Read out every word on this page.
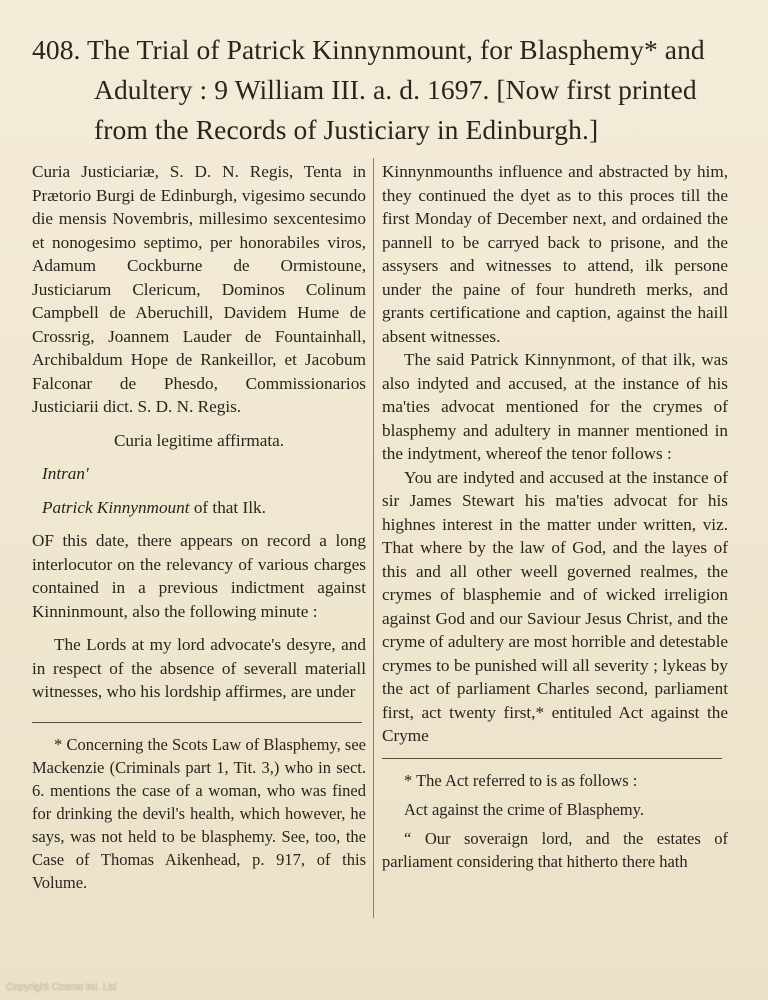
408. The Trial of Patrick Kinnynmount, for Blasphemy* and
Adultery : 9 William III. a. d. 1697. [Now first printed
from the Records of Justiciary in Edinburgh.]

Curia Justiciariæ, S. D. N. Regis, Tenta in Prætorio Burgi de Edinburgh, vigesimo secundo die mensis Novembris, millesimo sexcentesimo et nonogesimo septimo, per honorabiles viros, Adamum Cockburne de Ormistoune, Justiciarum Clericum, Dominos Colinum Campbell de Aberuchill, Davidem Hume de Crossrig, Joannem Lauder de Fountainhall, Archibaldum Hope de Rankeillor, et Jacobum Falconar de Phesdo, Commissionarios Justiciarii dict. S. D. N. Regis.

Curia legitime affirmata.

Intran'

Patrick Kinnynmount of that Ilk.

OF this date, there appears on record a long interlocutor on the relevancy of various charges contained in a previous indictment against Kinninmount, also the following minute :

The Lords at my lord advocate's desyre, and in respect of the absence of severall materiall witnesses, who his lordship affirmes, are under

* Concerning the Scots Law of Blasphemy, see Mackenzie (Criminals part 1, Tit. 3,) who in sect. 6. mentions the case of a woman, who was fined for drinking the devil's health, which however, he says, was not held to be blasphemy. See, too, the Case of Thomas Aikenhead, p. 917, of this Volume.

Kinnynmounths influence and abstracted by him, they continued the dyet as to this proces till the first Monday of December next, and ordained the pannell to be carryed back to prisone, and the assysers and witnesses to attend, ilk persone under the paine of four hundreth merks, and grants certificatione and caption, against the haill absent witnesses.

The said Patrick Kinnynmont, of that ilk, was also indyted and accused, at the instance of his ma'ties advocat mentioned for the crymes of blasphemy and adultery in manner mentioned in the indytment, whereof the tenor follows :

You are indyted and accused at the instance of sir James Stewart his ma'ties advocat for his highnes interest in the matter under written, viz. That where by the law of God, and the layes of this and all other weell governed realmes, the crymes of blasphemie and of wicked irreligion against God and our Saviour Jesus Christ, and the cryme of adultery are most horrible and detestable crymes to be punished will all severity ; lykeas by the act of parliament Charles second, parliament first, act twenty first,* entituled Act against the Cryme

* The Act referred to is as follows :

Act against the crime of Blasphemy.

“ Our soveraign lord, and the estates of parliament considering that hitherto there hath

Copyright Cosmo Int. Ltd
